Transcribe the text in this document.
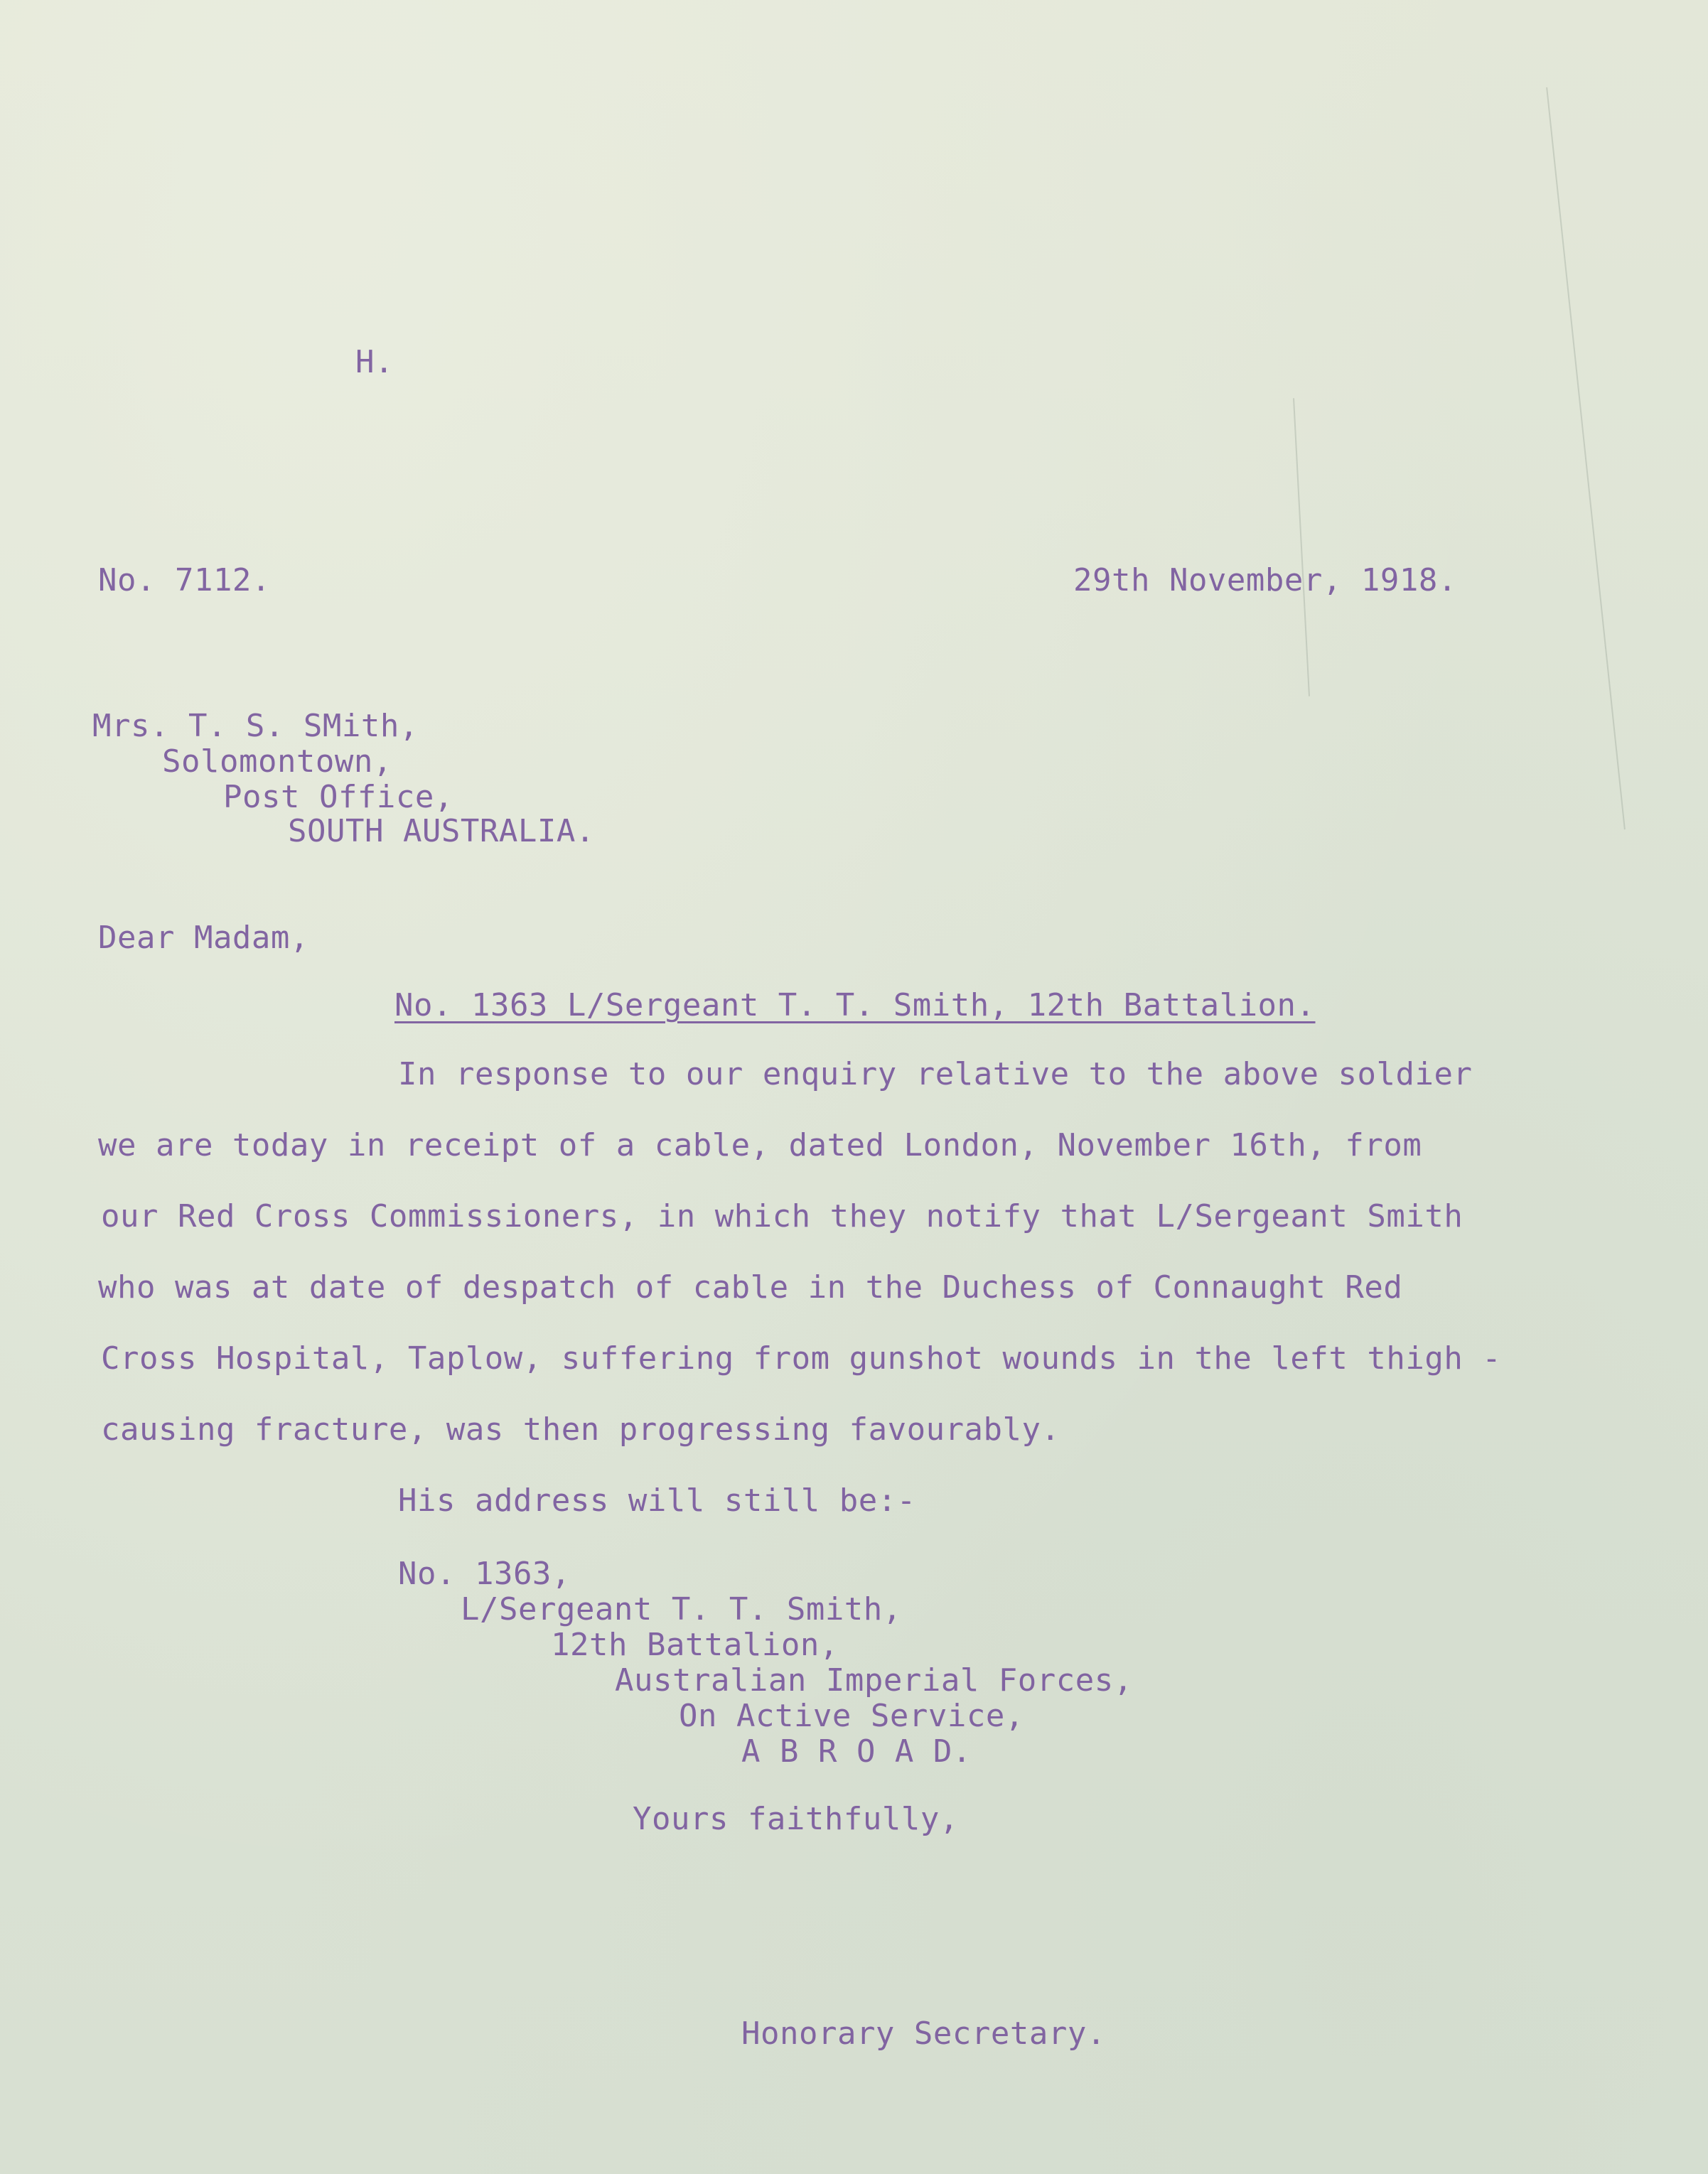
H.
No. 7112.	29th November, 1918.
Mrs. T. S. SMith,
Solomontown,
Post Office,
SOUTH AUSTRALIA.
Dear Madam,
No. 1363 L/Sergeant T. T. Smith, 12th Battalion.
In response to our enquiry relative to the above soldier
we are today in receipt of a cable, dated London, November 16th, from
our Red Cross Commissioners, in which they notify that L/Sergeant Smith
who was at date of despatch of cable in the Duchess of Connaught Red
Cross Hospital, Taplow, suffering from gunshot wounds in the left thigh -
causing fracture, was then progressing favourably.
His address will still be:-
No. 1363,
L/Sergeant T. T. Smith,
12th Battalion,
Australian Imperial Forces,
On Active Service,
A B R O A D.
Yours faithfully,
Honorary Secretary.
